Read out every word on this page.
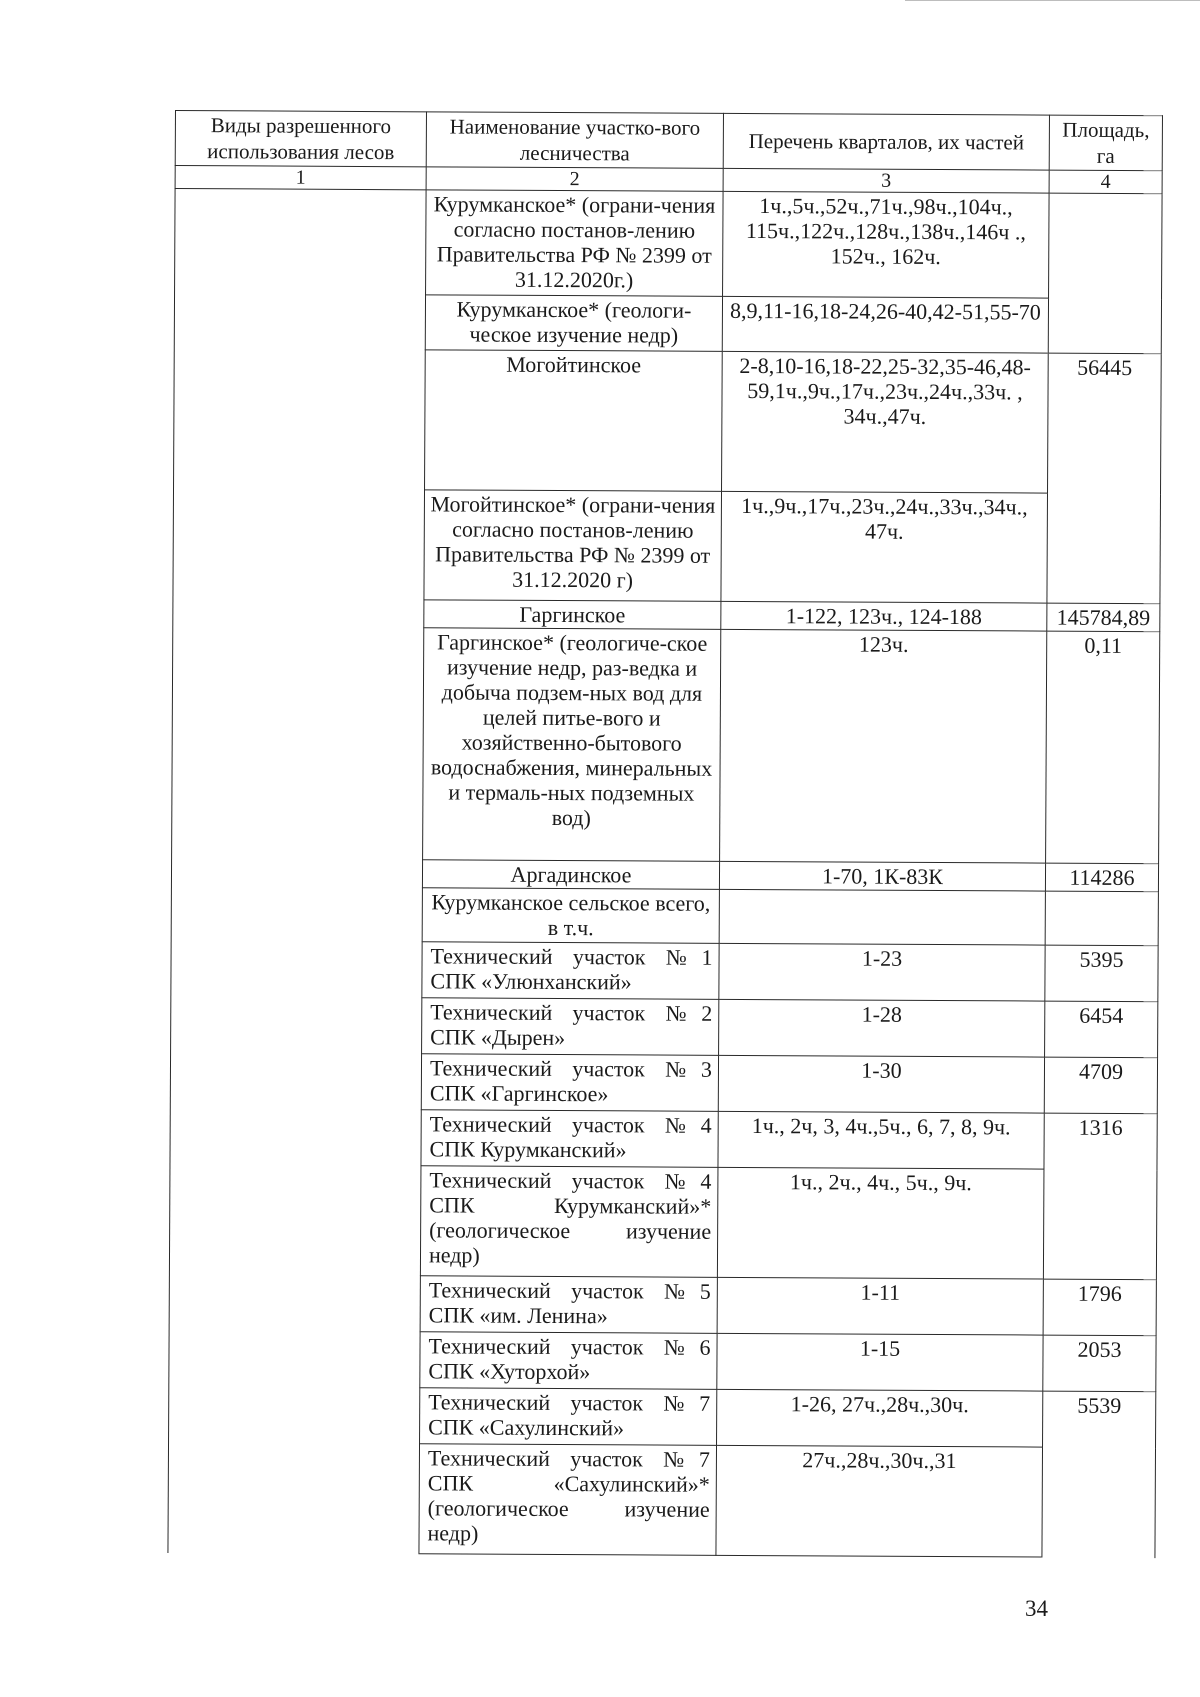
Виды разрешенного использования лесов	Наименование участко-вого лесничества	Перечень кварталов, их частей	Площадь, га
1	2	3	4
	Курумканское* (ограни-чения согласно постанов-лению Правительства РФ № 2399 от 31.12.2020г.)	1ч.,5ч.,52ч.,71ч.,98ч.,104ч., 115ч.,122ч.,128ч.,138ч.,146ч ., 152ч., 162ч.	
	Курумканское* (геологи-ческое изучение недр)	8,9,11-16,18-24,26-40,42-51,55-70	
	Могойтинское	2-8,10-16,18-22,25-32,35-46,48-59,1ч.,9ч.,17ч.,23ч.,24ч.,33ч. , 34ч.,47ч.	56445
	Могойтинское* (ограни-чения согласно постанов-лению Правительства РФ № 2399 от 31.12.2020 г)	1ч.,9ч.,17ч.,23ч.,24ч.,33ч.,34ч., 47ч.	
	Гаргинское	1-122, 123ч., 124-188	145784,89
	Гаргинское* (геологиче-ское изучение недр, раз-ведка и добыча подзем-ных вод для целей питье-вого и хозяйственно-бытового водоснабжения, минеральных и термаль-ных подземных вод)	123ч.	0,11
	Аргадинское	1-70, 1К-83К	114286
	Курумканское сельское всего, в т.ч.		
	Технический участок №1 СПК «Улюнханский»	1-23	5395
	Технический участок №2 СПК «Дырен»	1-28	6454
	Технический участок №3 СПК «Гаргинское»	1-30	4709
	Технический участок №4 СПК Курумканский»	1ч., 2ч, 3, 4ч.,5ч., 6, 7, 8, 9ч.	1316
	Технический участок №4 СПК Курумканский»* (геологическое изучение недр)	1ч., 2ч., 4ч., 5ч., 9ч.	
	Технический участок №5 СПК «им. Ленина»	1-11	1796
	Технический участок №6 СПК «Хуторхой»	1-15	2053
	Технический участок №7 СПК «Сахулинский»	1-26, 27ч.,28ч.,30ч.	5539
	Технический участок №7 СПК «Сахулинский»* (геологическое изучение недр)	27ч.,28ч.,30ч.,31	
34
